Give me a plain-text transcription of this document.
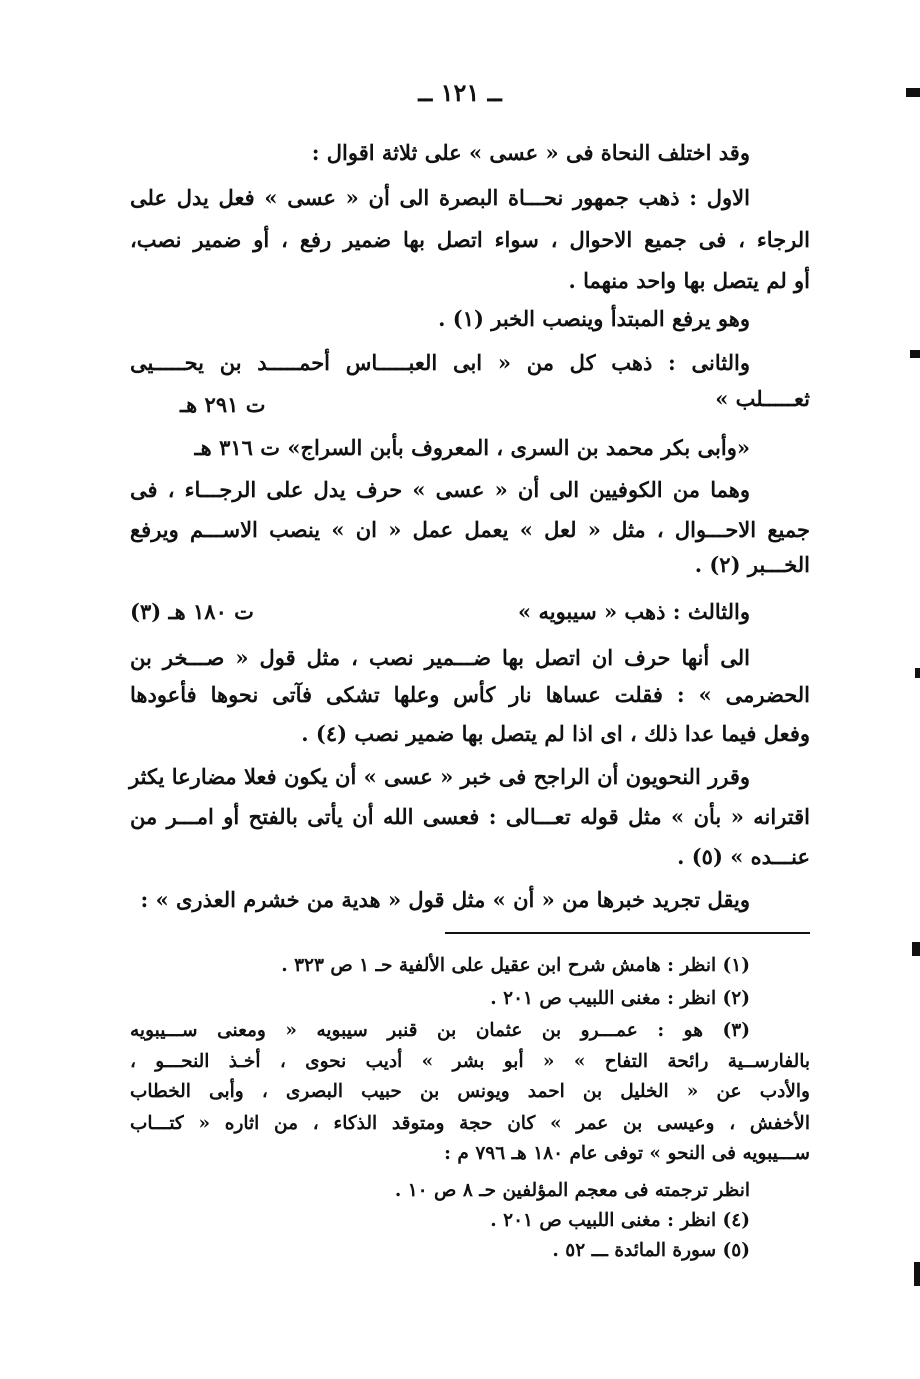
ــ ١٢١ ــ
وقد اختلف النحاة فى « عسى » على ثلاثة اقوال :
الاول : ذهب جمهور نحـــاة البصرة الى أن « عسى » فعل يدل على
الرجاء ، فى جميع الاحوال ، سواء اتصل بها ضمير رفع ، أو ضمير نصب،
أو لم يتصل بها واحد منهما .
وهو يرفع المبتدأ وينصب الخبر (١) .
والثانى : ذهب كل من « ابى العبـــــاس أحمـــــد بن يحـــــيى
ثعـــــلب »
ت ٢٩١ هـ
«وأبى بكر محمد بن السرى ، المعروف بأبن السراج» ت ٣١٦ هـ
وهما من الكوفيين الى أن « عسى » حرف يدل على الرجـــاء ، فى
جميع الاحـــوال ، مثل « لعل » يعمل عمل « ان » ينصب الاســـم ويرفع
الخـــبر (٢) .
والثالث : ذهب « سيبويه »
ت ١٨٠ هـ (٣)
الى أنها حرف ان اتصل بها ضـــمير نصب ، مثل قول « صـــخر بن
الحضرمى » : فقلت عساها نار كأس وعلها تشكى فآتى نحوها فأعودها
وفعل فيما عدا ذلك ، اى اذا لم يتصل بها ضمير نصب (٤) .
وقرر النحويون أن الراجح فى خبر « عسى » أن يكون فعلا مضارعا يكثر
اقترانه « بأن » مثل قوله تعـــالى : فعسى الله أن يأتى بالفتح أو امـــر من
عنـــده » (٥) .
ويقل تجريد خبرها من « أن » مثل قول « هدية من خشرم العذرى » :
(١) انظر : هامش شرح ابن عقيل على الألفية حـ ١ ص ٣٢٣ .
(٢) انظر : مغنى اللبيب ص ٢٠١ .
(٣) هو : عمـــرو بن عثمان بن قنبر سيبويه « ومعنى ســـيبويه
بالفارســية رائحة التفاح » « أبو بشر » أديب نحوى ، أخـذ النحـــو ،
والأدب عن « الخليل بن احمد ويونس بن حبيب البصرى ، وأبى الخطاب
الأخفش ، وعيسى بن عمر » كان حجة ومتوقد الذكاء ، من اثاره « كتـــاب
ســـيبويه فى النحو » توفى عام ١٨٠ هـ ٧٩٦ م :
انظر ترجمته فى معجم المؤلفين حـ ٨ ص ١٠ .
(٤) انظر : مغنى اللبيب ص ٢٠١ .
(٥) سورة المائدة ـــ ٥٢ .
